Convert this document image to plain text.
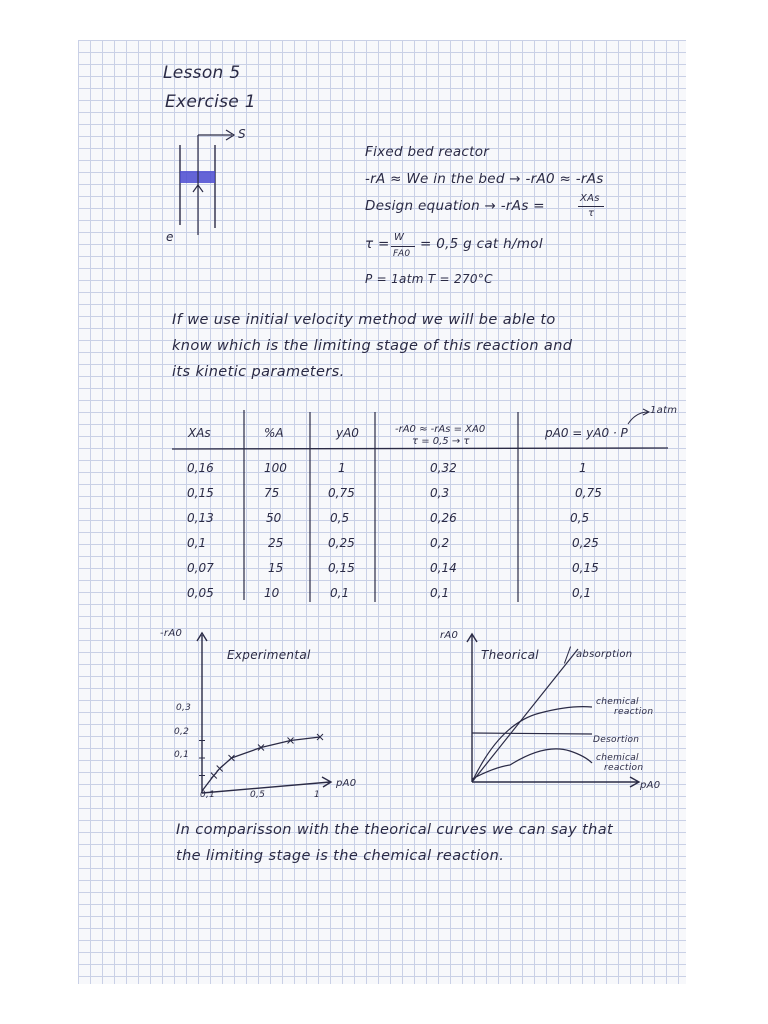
Lesson 5
Exercise 1
S
e
Fixed bed reactor
-rA ≈ We in the bed → -rA0 ≈ -rAs
Design equation → -rAs =	XAs
τ
τ = W
FA0
= 0,5 g cat h/mol
P = 1atm T = 270°C
If we use initial velocity method we will be able to
know which is the limiting stage of this reaction and
its kinetic parameters.
1atm
XAs	%A	yA0	-rA0 ≈ -rAs = XA0
τ = 0,5 → τ
pA0 = yA0 · P
0,16	100	1	0,32	1
0,15	75	0,75	0,3	0,75
0,13	50	0,5	0,26	0,5
0,1	25	0,25	0,2	0,25
0,07	15	0,15	0,14	0,15
0,05	10	0,1	0,1	0,1
-rA0
Experimental
pA0
0,3
0,2
0,1
0,1	0,5	1
rA0
Theorical	absorption
chemical
reaction
Desortion
chemical
reaction
pA0
In comparisson with the theorical curves we can say that
the limiting stage is the chemical reaction.
